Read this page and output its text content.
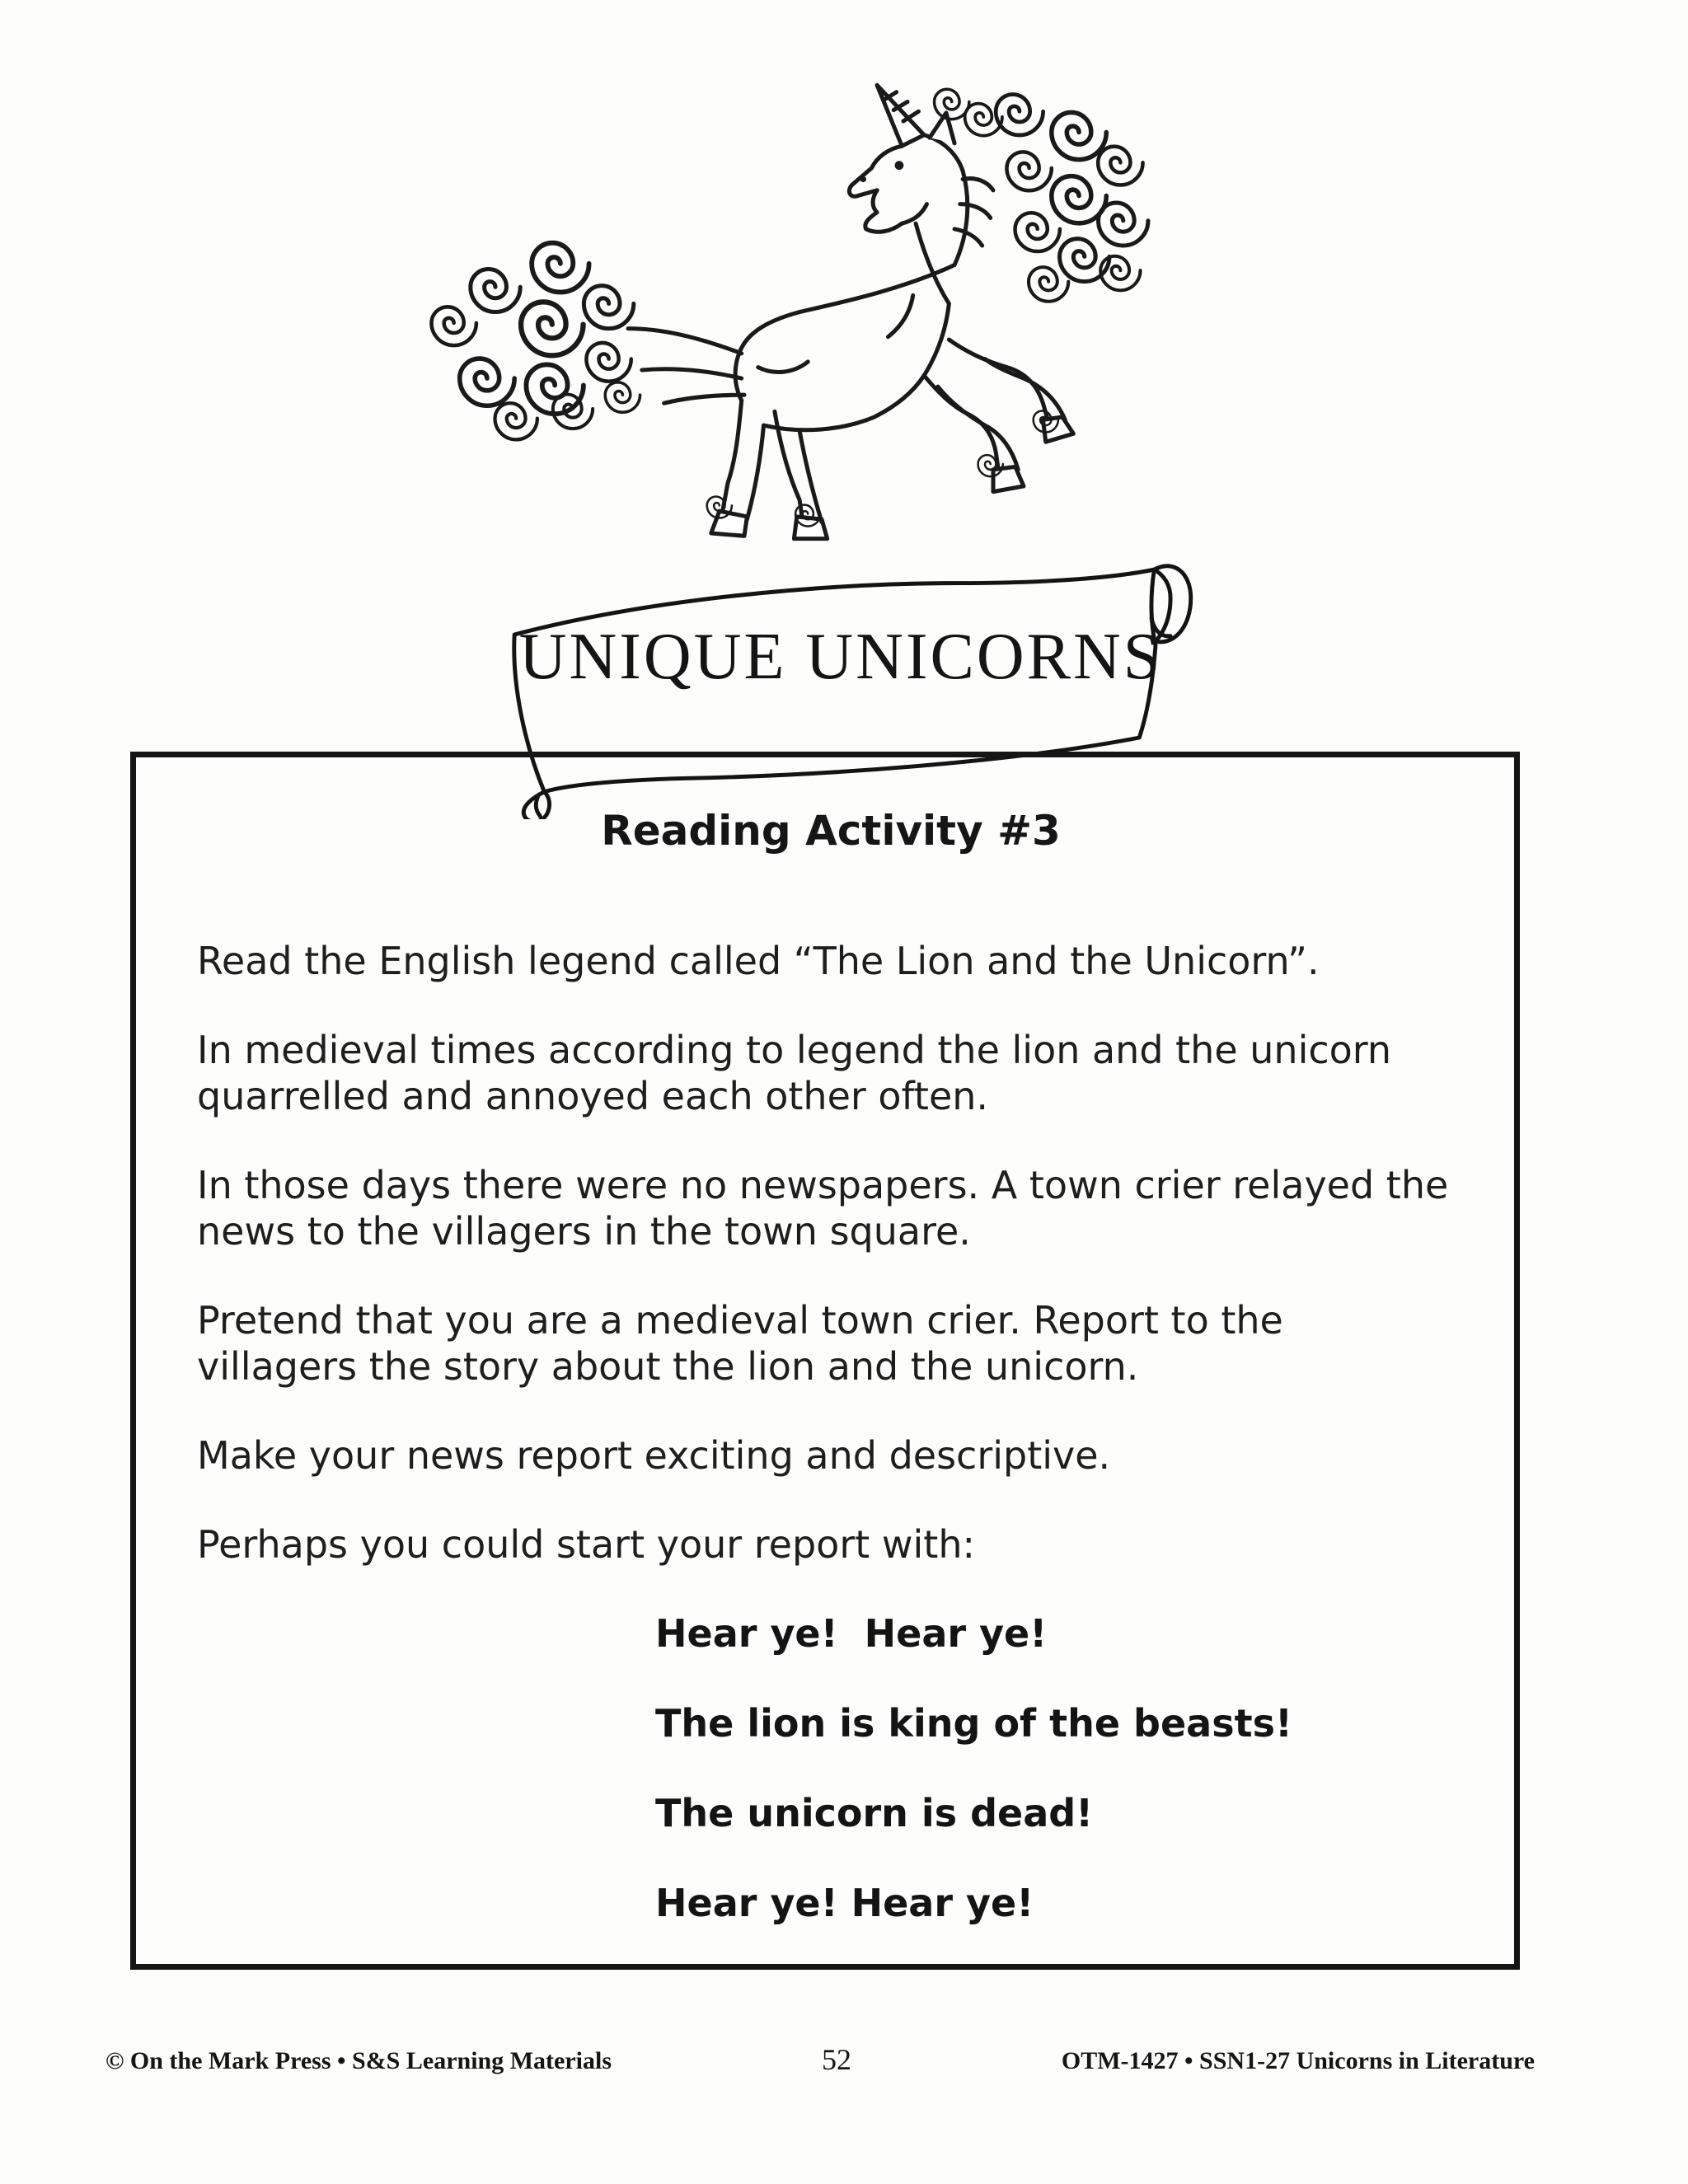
UNIQUE UNICORNS
Reading Activity #3

Read the English legend called “The Lion and the Unicorn”.

In medieval times according to legend the lion and the unicorn quarrelled and annoyed each other often.

In those days there were no newspapers. A town crier relayed the news to the villagers in the town square.

Pretend that you are a medieval town crier. Report to the villagers the story about the lion and the unicorn.

Make your news report exciting and descriptive.

Perhaps you could start your report with:

Hear ye!  Hear ye!

The lion is king of the beasts!

The unicorn is dead!

Hear ye! Hear ye!

© On the Mark Press • S&S Learning Materials	52	OTM-1427 • SSN1-27 Unicorns in Literature
